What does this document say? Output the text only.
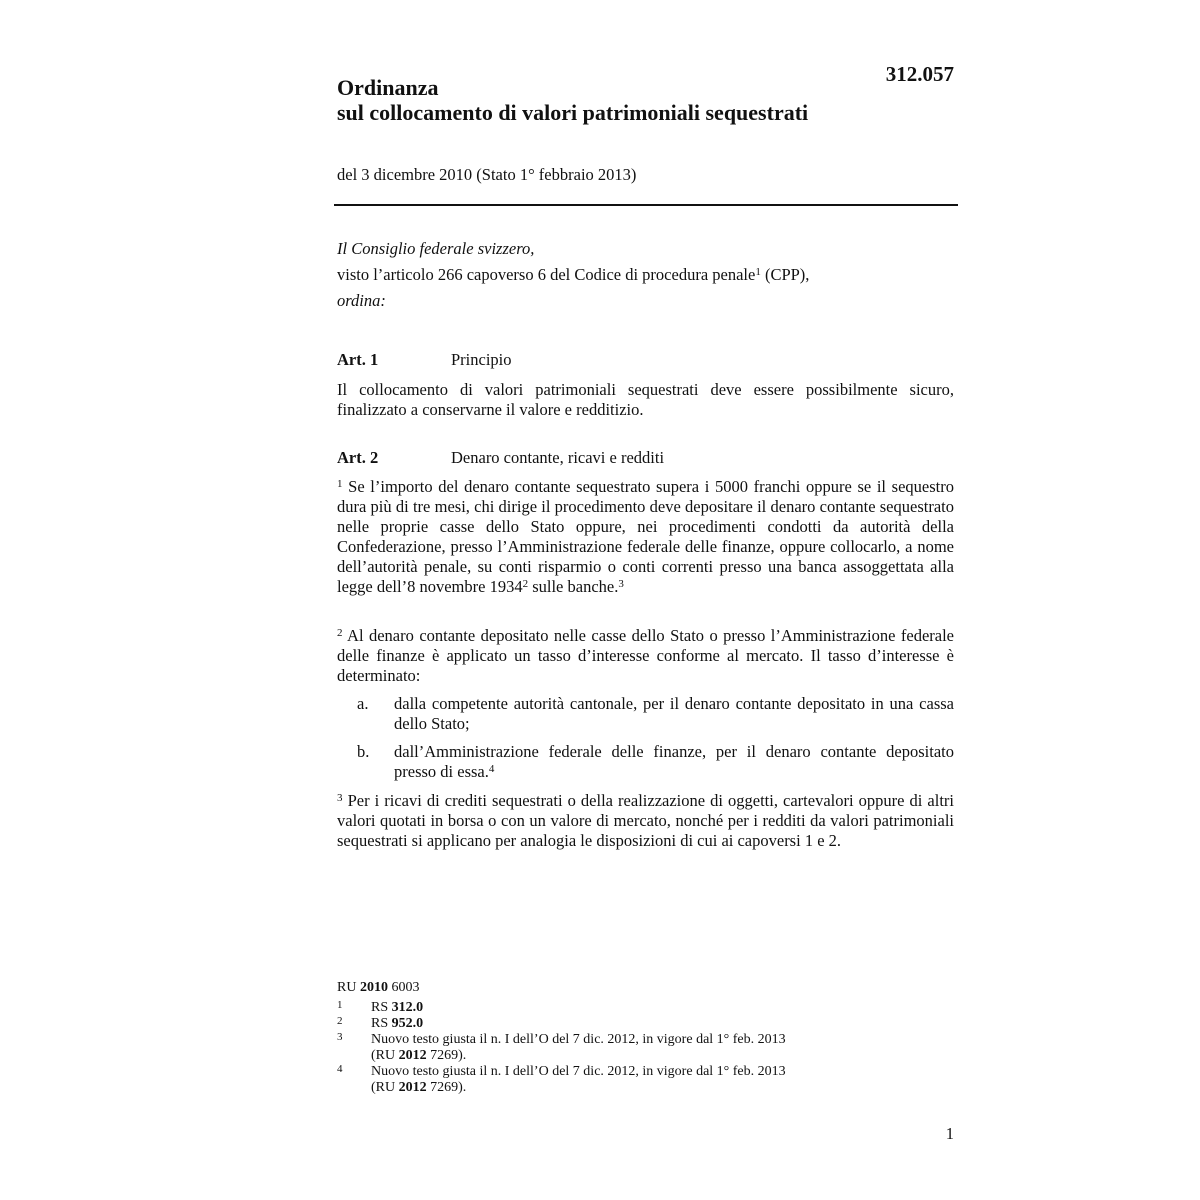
312.057
Ordinanza
sul collocamento di valori patrimoniali sequestrati
del 3 dicembre 2010 (Stato 1° febbraio 2013)
Il Consiglio federale svizzero,
visto l’articolo 266 capoverso 6 del Codice di procedura penale$^1$ (CPP),
ordina:
Art. 1	Principio
Il collocamento di valori patrimoniali sequestrati deve essere possibilmente sicuro, finalizzato a conservarne il valore e redditizio.
Art. 2	Denaro contante, ricavi e redditi
$^1$ Se l’importo del denaro contante sequestrato supera i 5000 franchi oppure se il sequestro dura più di tre mesi, chi dirige il procedimento deve depositare il denaro contante sequestrato nelle proprie casse dello Stato oppure, nei procedimenti condotti da autorità della Confederazione, presso l’Amministrazione federale delle finanze, oppure collocarlo, a nome dell’autorità penale, su conti risparmio o conti correnti presso una banca assoggettata alla legge dell’8 novembre 1934$^2$ sulle banche.$^3$
$^2$ Al denaro contante depositato nelle casse dello Stato o presso l’Amministrazione federale delle finanze è applicato un tasso d’interesse conforme al mercato. Il tasso d’interesse è determinato:
a. dalla competente autorità cantonale, per il denaro contante depositato in una cassa dello Stato;
b. dall’Amministrazione federale delle finanze, per il denaro contante depositato presso di essa.$^4$
$^3$ Per i ricavi di crediti sequestrati o della realizzazione di oggetti, cartevalori oppure di altri valori quotati in borsa o con un valore di mercato, nonché per i redditi da valori patrimoniali sequestrati si applicano per analogia le disposizioni di cui ai capoversi 1 e 2.
RU 2010 6003
1 RS 312.0
2 RS 952.0
3 Nuovo testo giusta il n. I dell’O del 7 dic. 2012, in vigore dal 1° feb. 2013
(RU 2012 7269).
4 Nuovo testo giusta il n. I dell’O del 7 dic. 2012, in vigore dal 1° feb. 2013
(RU 2012 7269).
1
